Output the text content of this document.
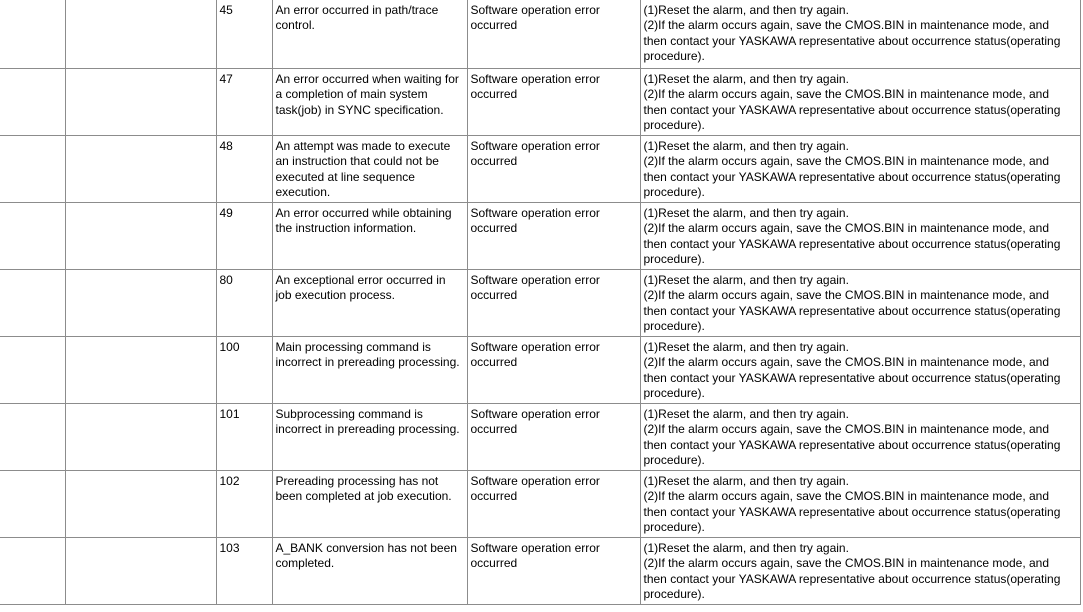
		45	An error occurred in path/trace control.	Software operation error occurred	(1)Reset the alarm, and then try again.
(2)If the alarm occurs again, save the CMOS.BIN in maintenance mode, and
then contact your YASKAWA representative about occurrence status(operating
procedure).

		47	An error occurred when waiting for a completion of main system task(job) in SYNC specification.	Software operation error occurred	(1)Reset the alarm, and then try again.
(2)If the alarm occurs again, save the CMOS.BIN in maintenance mode, and
then contact your YASKAWA representative about occurrence status(operating
procedure).

		48	An attempt was made to execute an instruction that could not be executed at line sequence execution.	Software operation error occurred	(1)Reset the alarm, and then try again.
(2)If the alarm occurs again, save the CMOS.BIN in maintenance mode, and
then contact your YASKAWA representative about occurrence status(operating
procedure).

		49	An error occurred while obtaining the instruction information.	Software operation error occurred	(1)Reset the alarm, and then try again.
(2)If the alarm occurs again, save the CMOS.BIN in maintenance mode, and
then contact your YASKAWA representative about occurrence status(operating
procedure).

		80	An exceptional error occurred in job execution process.	Software operation error occurred	(1)Reset the alarm, and then try again.
(2)If the alarm occurs again, save the CMOS.BIN in maintenance mode, and
then contact your YASKAWA representative about occurrence status(operating
procedure).

		100	Main processing command is incorrect in prereading processing.	Software operation error occurred	(1)Reset the alarm, and then try again.
(2)If the alarm occurs again, save the CMOS.BIN in maintenance mode, and
then contact your YASKAWA representative about occurrence status(operating
procedure).

		101	Subprocessing command is incorrect in prereading processing.	Software operation error occurred	(1)Reset the alarm, and then try again.
(2)If the alarm occurs again, save the CMOS.BIN in maintenance mode, and
then contact your YASKAWA representative about occurrence status(operating
procedure).

		102	Prereading processing has not been completed at job execution.	Software operation error occurred	(1)Reset the alarm, and then try again.
(2)If the alarm occurs again, save the CMOS.BIN in maintenance mode, and
then contact your YASKAWA representative about occurrence status(operating
procedure).

		103	A_BANK conversion has not been completed.	Software operation error occurred	(1)Reset the alarm, and then try again.
(2)If the alarm occurs again, save the CMOS.BIN in maintenance mode, and
then contact your YASKAWA representative about occurrence status(operating
procedure).
